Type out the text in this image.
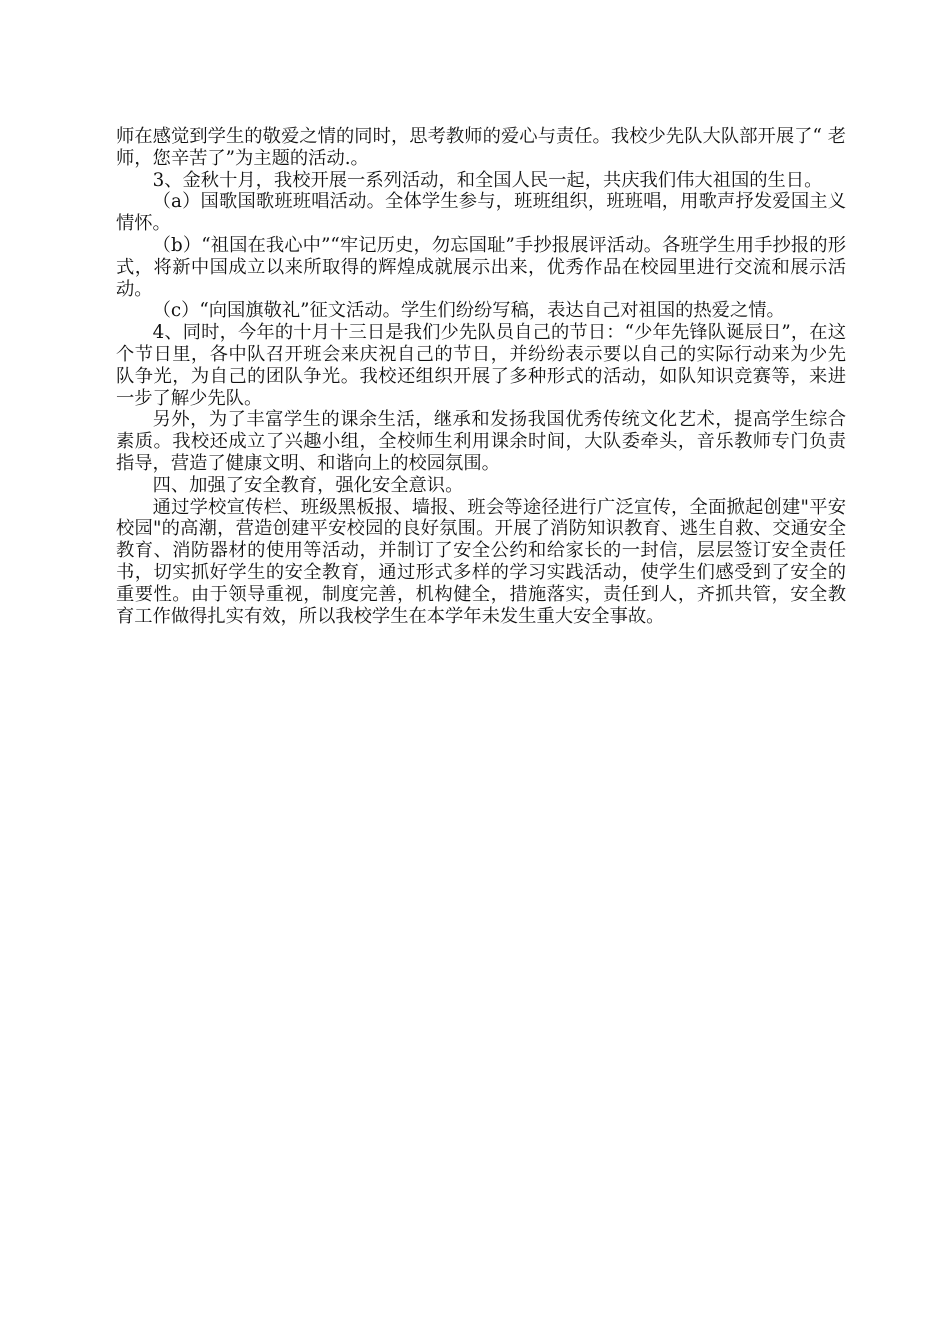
师在感觉到学生的敬爱之情的同时，思考教师的爱心与责任。我校少先队大队部开展了“ 老师，您辛苦了”为主题的活动.。

3、金秋十月，我校开展一系列活动，和全国人民一起，共庆我们伟大祖国的生日。

（a）国歌国歌班班唱活动。全体学生参与，班班组织，班班唱，用歌声抒发爱国主义情怀。

（b）“祖国在我心中”“牢记历史，勿忘国耻”手抄报展评活动。各班学生用手抄报的形式，将新中国成立以来所取得的辉煌成就展示出来，优秀作品在校园里进行交流和展示活动。

（c）“向国旗敬礼”征文活动。学生们纷纷写稿，表达自己对祖国的热爱之情。

4、同时，今年的十月十三日是我们少先队员自己的节日：“少年先锋队诞辰日”，在这个节日里，各中队召开班会来庆祝自己的节日，并纷纷表示要以自己的实际行动来为少先队争光，为自己的团队争光。我校还组织开展了多种形式的活动，如队知识竞赛等，来进一步了解少先队。

另外，为了丰富学生的课余生活，继承和发扬我国优秀传统文化艺术，提高学生综合素质。我校还成立了兴趣小组，全校师生利用课余时间，大队委牵头，音乐教师专门负责指导，营造了健康文明、和谐向上的校园氛围。

四、加强了安全教育，强化安全意识。

通过学校宣传栏、班级黑板报、墙报、班会等途径进行广泛宣传，全面掀起创建"平安校园"的高潮，营造创建平安校园的良好氛围。开展了消防知识教育、逃生自救、交通安全教育、消防器材的使用等活动，并制订了安全公约和给家长的一封信，层层签订安全责任书，切实抓好学生的安全教育，通过形式多样的学习实践活动，使学生们感受到了安全的重要性。由于领导重视，制度完善，机构健全，措施落实，责任到人，齐抓共管，安全教育工作做得扎实有效，所以我校学生在本学年未发生重大安全事故。
